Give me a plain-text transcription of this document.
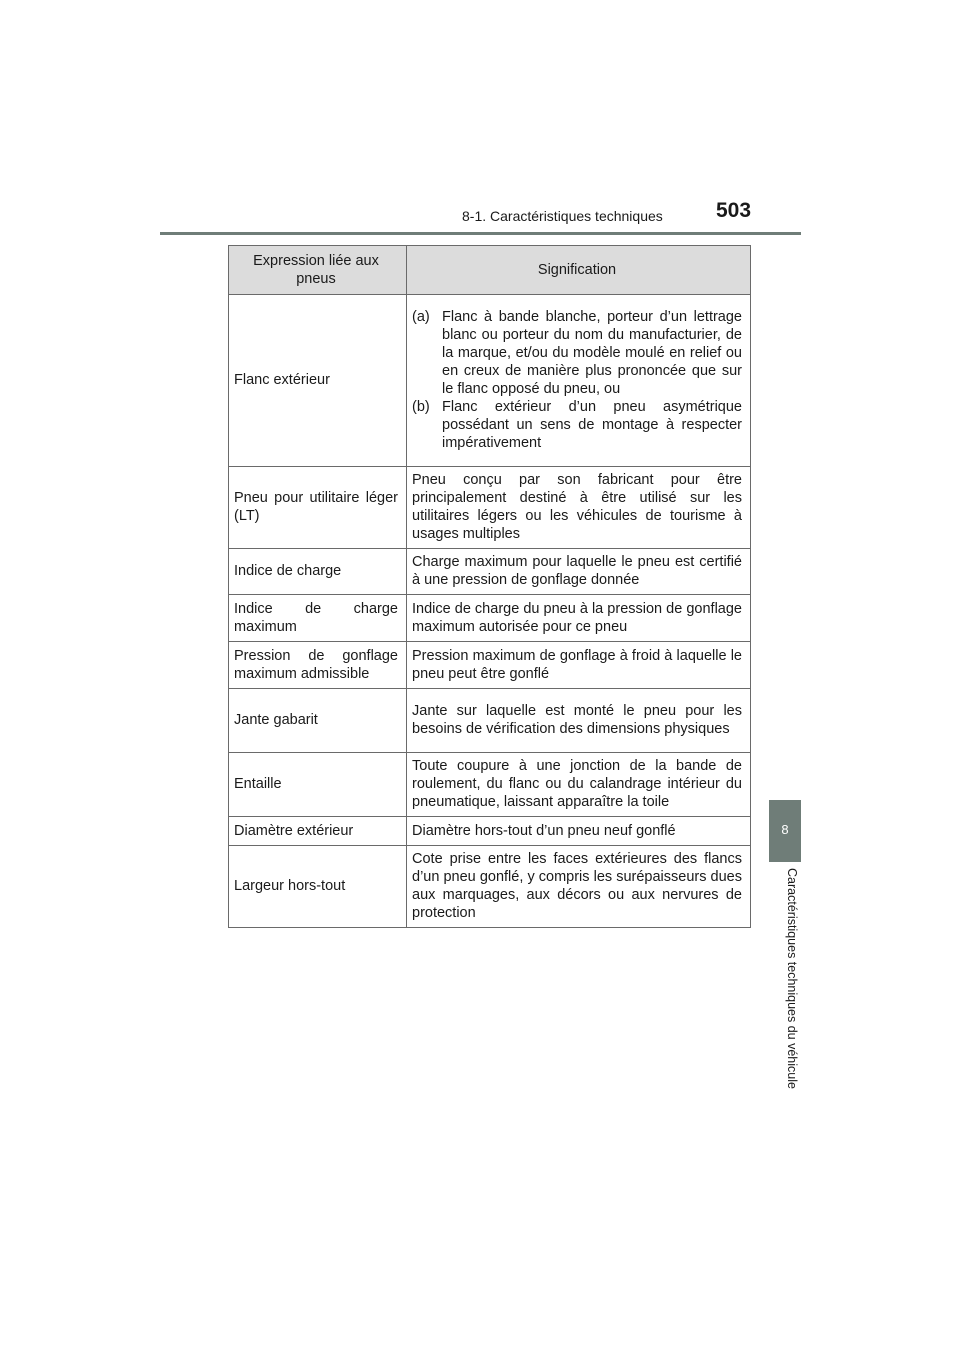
8-1. Caractéristiques techniques	503
8
Caractéristiques techniques du véhicule
Expression liée aux pneus	Signification
Flanc extérieur	(a) Flanc à bande blanche, porteur d’un lettrage blanc ou porteur du nom du manufacturier, de la marque, et/ou du modèle moulé en relief ou en creux de manière plus prononcée que sur le flanc opposé du pneu, ou
(b) Flanc extérieur d’un pneu asymétrique possédant un sens de montage à respecter impérativement

Pneu pour utilitaire léger (LT)	Pneu conçu par son fabricant pour être principalement destiné à être utilisé sur les utilitaires légers ou les véhicules de tourisme à usages multiples
Indice de charge	Charge maximum pour laquelle le pneu est certifié à une pression de gonflage donnée
Indice de charge maximum	Indice de charge du pneu à la pression de gonflage maximum autorisée pour ce pneu
Pression de gonflage maximum admissible	Pression maximum de gonflage à froid à laquelle le pneu peut être gonflé
Jante gabarit	Jante sur laquelle est monté le pneu pour les besoins de vérification des dimensions physiques
Entaille	Toute coupure à une jonction de la bande de roulement, du flanc ou du calandrage intérieur du pneumatique, laissant apparaître la toile
Diamètre extérieur	Diamètre hors-tout d’un pneu neuf gonflé
Largeur hors-tout	Cote prise entre les faces extérieures des flancs d’un pneu gonflé, y compris les surépaisseurs dues aux marquages, aux décors ou aux nervures de protection
